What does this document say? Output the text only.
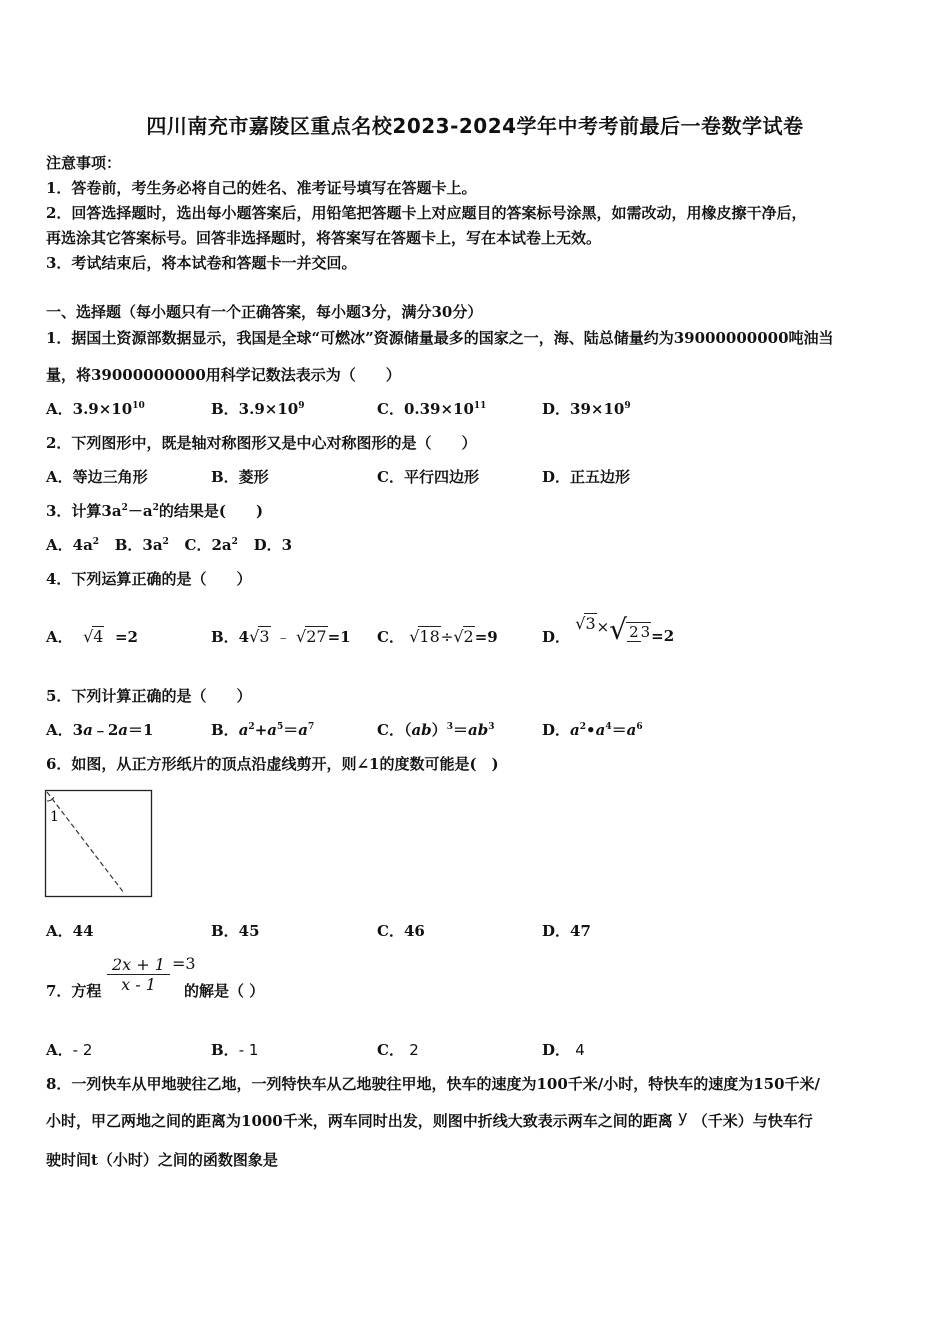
四川南充市嘉陵区重点名校2023-2024学年中考考前最后一卷数学试卷
注意事项：
1．答卷前，考生务必将自己的姓名、准考证号填写在答题卡上。
2．回答选择题时，选出每小题答案后，用铅笔把答题卡上对应题目的答案标号涂黑，如需改动，用橡皮擦干净后，
再选涂其它答案标号。回答非选择题时，将答案写在答题卡上，写在本试卷上无效。
3．考试结束后，将本试卷和答题卡一并交回。
一、选择题（每小题只有一个正确答案，每小题3分，满分30分）
1．据国土资源部数据显示，我国是全球“可燃冰”资源储量最多的国家之一，海、陆总储量约为39000000000吨油当
量，将39000000000用科学记数法表示为（　　）
A．$3.9\times 10^{10}$	B．$3.9\times 10^9$	C．$0.39\times 10^{11}$	D．$39\times 10^9$
2．下列图形中，既是轴对称图形又是中心对称图形的是（　　）
A．等边三角形	B．菱形	C．平行四边形	D．正五边形
3．计算$3a^2-a^2$的结果是(　　)
A．$4a^2$ B．$3a^2$ C．$2a^2$ D．3
4．下列运算正确的是（　　）
A． √4 =2	B．4√3 ﹣ √27=1 C． √18÷√2=9	D．

√3 × √ 2 3 =2
5．下列计算正确的是（　　）
A．3a﹣2a＝1	B．$a^2+a^5=a^7$	C．$(ab)^3=ab^3$	D．$a^2•a^4=a^6$
6．如图，从正方形纸片的顶点沿虚线剪开，则∠1的度数可能是(　)
1
A．44	B．45	C．46	D．47
7．方程 $\frac{2x + 1}{x - 1} =3$
的解是（ ）
A．- 2	B．- 1	C． 2	D． 4
8．一列快车从甲地驶往乙地，一列特快车从乙地驶往甲地，快车的速度为100千米/小时，特快车的速度为150千米/
小时，甲乙两地之间的距离为1000千米，两车同时出发，则图中折线大致表示两车之间的距离 y （千米）与快车行
驶时间t（小时）之间的函数图象是
